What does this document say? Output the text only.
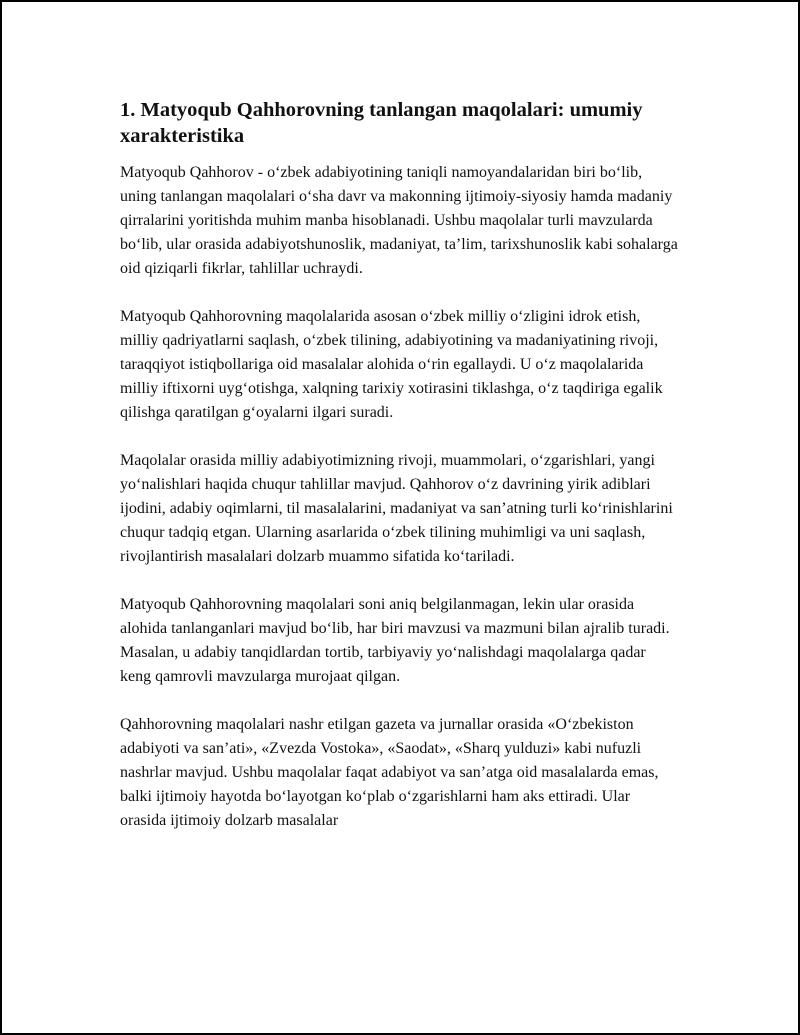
1. Matyoqub Qahhorovning tanlangan maqolalari: umumiy xarakteristika

Matyoqub Qahhorov - o‘zbek adabiyotining taniqli namoyandalaridan biri bo‘lib, uning tanlangan maqolalari o‘sha davr va makonning ijtimoiy-siyosiy hamda madaniy qirralarini yoritishda muhim manba hisoblanadi. Ushbu maqolalar turli mavzularda bo‘lib, ular orasida adabiyotshunoslik, madaniyat, ta’lim, tarixshunoslik kabi sohalarga oid qiziqarli fikrlar, tahlillar uchraydi.

Matyoqub Qahhorovning maqolalarida asosan o‘zbek milliy o‘zligini idrok etish, milliy qadriyatlarni saqlash, o‘zbek tilining, adabiyotining va madaniyatining rivoji, taraqqiyot istiqbollariga oid masalalar alohida o‘rin egallaydi. U o‘z maqolalarida milliy iftixorni uyg‘otishga, xalqning tarixiy xotirasini tiklashga, o‘z taqdiriga egalik qilishga qaratilgan g‘oyalarni ilgari suradi.

Maqolalar orasida milliy adabiyotimizning rivoji, muammolari, o‘zgarishlari, yangi yo‘nalishlari haqida chuqur tahlillar mavjud. Qahhorov o‘z davrining yirik adiblari ijodini, adabiy oqimlarni, til masalalarini, madaniyat va san’atning turli ko‘rinishlarini chuqur tadqiq etgan. Ularning asarlarida o‘zbek tilining muhimligi va uni saqlash, rivojlantirish masalalari dolzarb muammo sifatida ko‘tariladi.

Matyoqub Qahhorovning maqolalari soni aniq belgilanmagan, lekin ular orasida alohida tanlanganlari mavjud bo‘lib, har biri mavzusi va mazmuni bilan ajralib turadi. Masalan, u adabiy tanqidlardan tortib, tarbiyaviy yo‘nalishdagi maqolalarga qadar keng qamrovli mavzularga murojaat qilgan.

Qahhorovning maqolalari nashr etilgan gazeta va jurnallar orasida «O‘zbekiston adabiyoti va san’ati», «Zvezda Vostoka», «Saodat», «Sharq yulduzi» kabi nufuzli nashrlar mavjud. Ushbu maqolalar faqat adabiyot va san’atga oid masalalarda emas, balki ijtimoiy hayotda bo‘layotgan ko‘plab o‘zgarishlarni ham aks ettiradi. Ular orasida ijtimoiy dolzarb masalalar
